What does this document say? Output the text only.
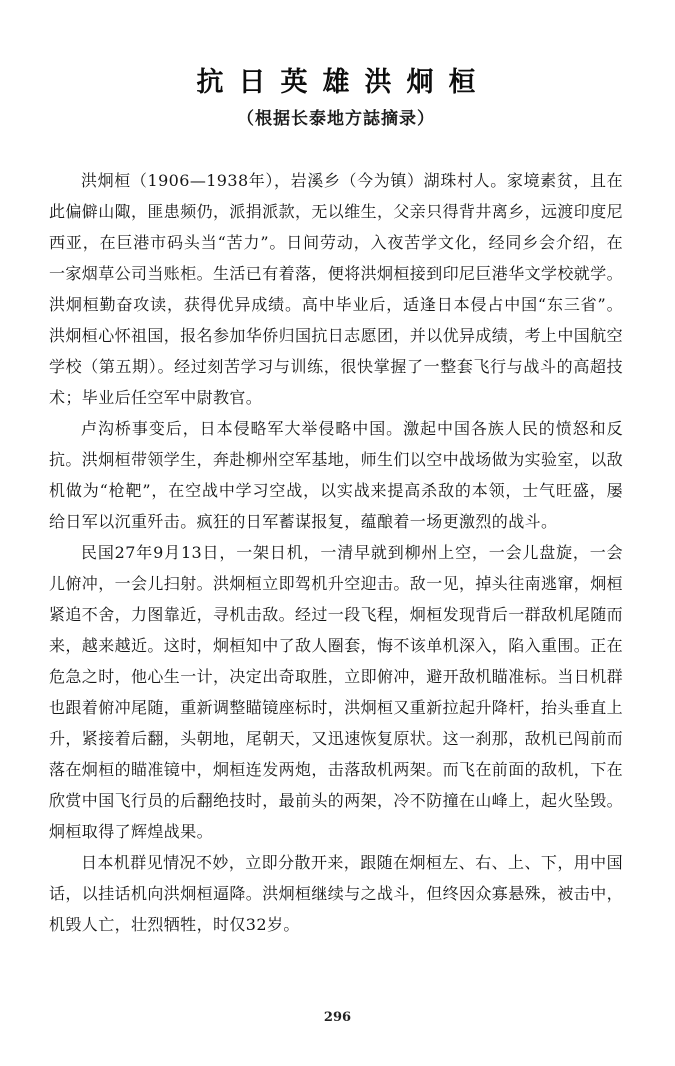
抗日英雄洪炯桓
（根据长泰地方誌摘录）

洪炯桓（1906—1938年），岩溪乡（今为镇）湖珠村人。家境素贫，且在此偏僻山陬，匪患频仍，派捐派款，无以维生，父亲只得背井离乡，远渡印度尼西亚，在巨港市码头当“苦力”。日间劳动，入夜苦学文化，经同乡会介绍，在一家烟草公司当账柜。生活已有着落，便将洪炯桓接到印尼巨港华文学校就学。洪炯桓勤奋攻读，获得优异成绩。高中毕业后，适逢日本侵占中国“东三省”。洪炯桓心怀祖国，报名参加华侨归国抗日志愿团，并以优异成绩，考上中国航空学校（第五期）。经过刻苦学习与训练，很快掌握了一整套飞行与战斗的高超技术；毕业后任空军中尉教官。

卢沟桥事变后，日本侵略军大举侵略中国。激起中国各族人民的愤怒和反抗。洪炯桓带领学生，奔赴柳州空军基地，师生们以空中战场做为实验室，以敌机做为“枪靶”，在空战中学习空战，以实战来提高杀敌的本领，士气旺盛，屡给日军以沉重歼击。疯狂的日军蓄谋报复，蕴酿着一场更激烈的战斗。

民国27年9月13日，一架日机，一清早就到柳州上空，一会儿盘旋，一会儿俯冲，一会儿扫射。洪炯桓立即驾机升空迎击。敌一见，掉头往南逃窜，炯桓紧追不舍，力图靠近，寻机击敌。经过一段飞程，炯桓发现背后一群敌机尾随而来，越来越近。这时，炯桓知中了敌人圈套，悔不该单机深入，陷入重围。正在危急之时，他心生一计，决定出奇取胜，立即俯冲，避开敌机瞄准标。当日机群也跟着俯冲尾随，重新调整瞄镜座标时，洪炯桓又重新拉起升降杆，抬头垂直上升，紧接着后翻，头朝地，尾朝天，又迅速恢复原状。这一刹那，敌机已闯前而落在炯桓的瞄准镜中，炯桓连发两炮，击落敌机两架。而飞在前面的敌机，下在欣赏中国飞行员的后翻绝技时，最前头的两架，冷不防撞在山峰上，起火坠毁。炯桓取得了辉煌战果。

日本机群见情况不妙，立即分散开来，跟随在炯桓左、右、上、下，用中国话，以挂话机向洪炯桓逼降。洪炯桓继续与之战斗，但终因众寡悬殊，被击中，机毁人亡，壮烈牺牲，时仅32岁。

296
